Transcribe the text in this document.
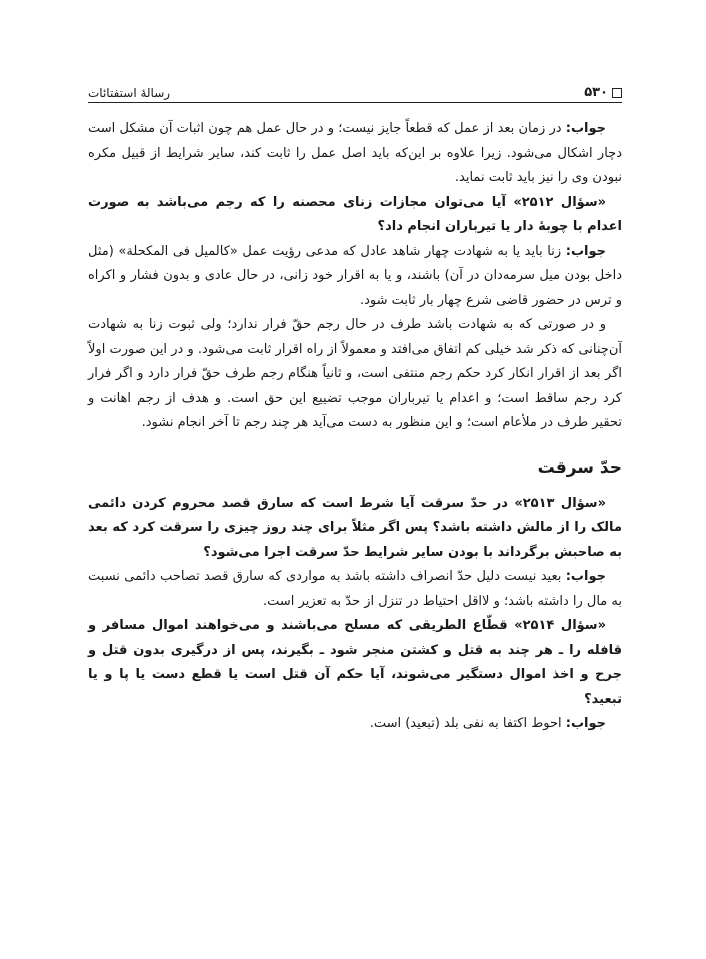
۵۳۰
رسالۀ استفتائات

جواب: در زمان بعد از عمل که قطعاً جایز نیست؛ و در حال عمل هم چون اثبات آن مشکل است دچار اشکال می‌شود. زیرا علاوه بر این‌که باید اصل عمل را ثابت کند، سایر شرایط از قبیل مکره نبودن وی را نیز باید ثابت نماید.

«سؤال ۲۵۱۲» آیا می‌توان مجازات زنای محصنه را که رجم می‌باشد به صورت اعدام با چوبۀ دار یا تیرباران انجام داد؟

جواب: زنا باید یا به شهادت چهار شاهد عادل که مدعی رؤیت عمل «کالمیل فی المکحلة» (مثل داخل بودن میل سرمه‌دان در آن) باشند، و یا به اقرار خود زانی، در حال عادی و بدون فشار و اکراه و ترس در حضور قاضی شرع چهار بار ثابت شود.

و در صورتی که به شهادت باشد طرف در حال رجم حقّ فرار ندارد؛ ولی ثبوت زنا به شهادت آن‌چنانی که ذکر شد خیلی کم اتفاق می‌افتد و معمولاً از راه اقرار ثابت می‌شود. و در این صورت اولاً اگر بعد از اقرار انکار کرد حکم رجم منتفی است، و ثانیاً هنگام رجم طرف حقّ فرار دارد و اگر فرار کرد رجم ساقط است؛ و اعدام یا تیرباران موجب تضییع این حق است. و هدف از رجم اهانت و تحقیر طرف در ملأعام است؛ و این منظور به دست می‌آید هر چند رجم تا آخر انجام نشود.

حدّ سرقت

«سؤال ۲۵۱۳» در حدّ سرقت آیا شرط است که سارق قصد محروم کردن دائمی مالک را از مالش داشته باشد؟ پس اگر مثلاً برای چند روز چیزی را سرقت کرد که بعد به صاحبش برگرداند با بودن سایر شرایط حدّ سرقت اجرا می‌شود؟

جواب: بعید نیست دلیل حدّ انصراف داشته باشد به مواردی که سارق قصد تصاحب دائمی نسبت به مال را داشته باشد؛ و لااقل احتیاط در تنزل از حدّ به تعزیر است.

«سؤال ۲۵۱۴» قطّاع الطریقی که مسلح می‌باشند و می‌خواهند اموال مسافر و قافله را ـ هر چند به قتل و کشتن منجر شود ـ بگیرند، پس از درگیری بدون قتل و جرح و اخذ اموال دستگیر می‌شوند، آیا حکم آن قتل است یا قطع دست یا پا و یا تبعید؟

جواب: احوط اکتفا به نفی بلد (تبعید) است.
